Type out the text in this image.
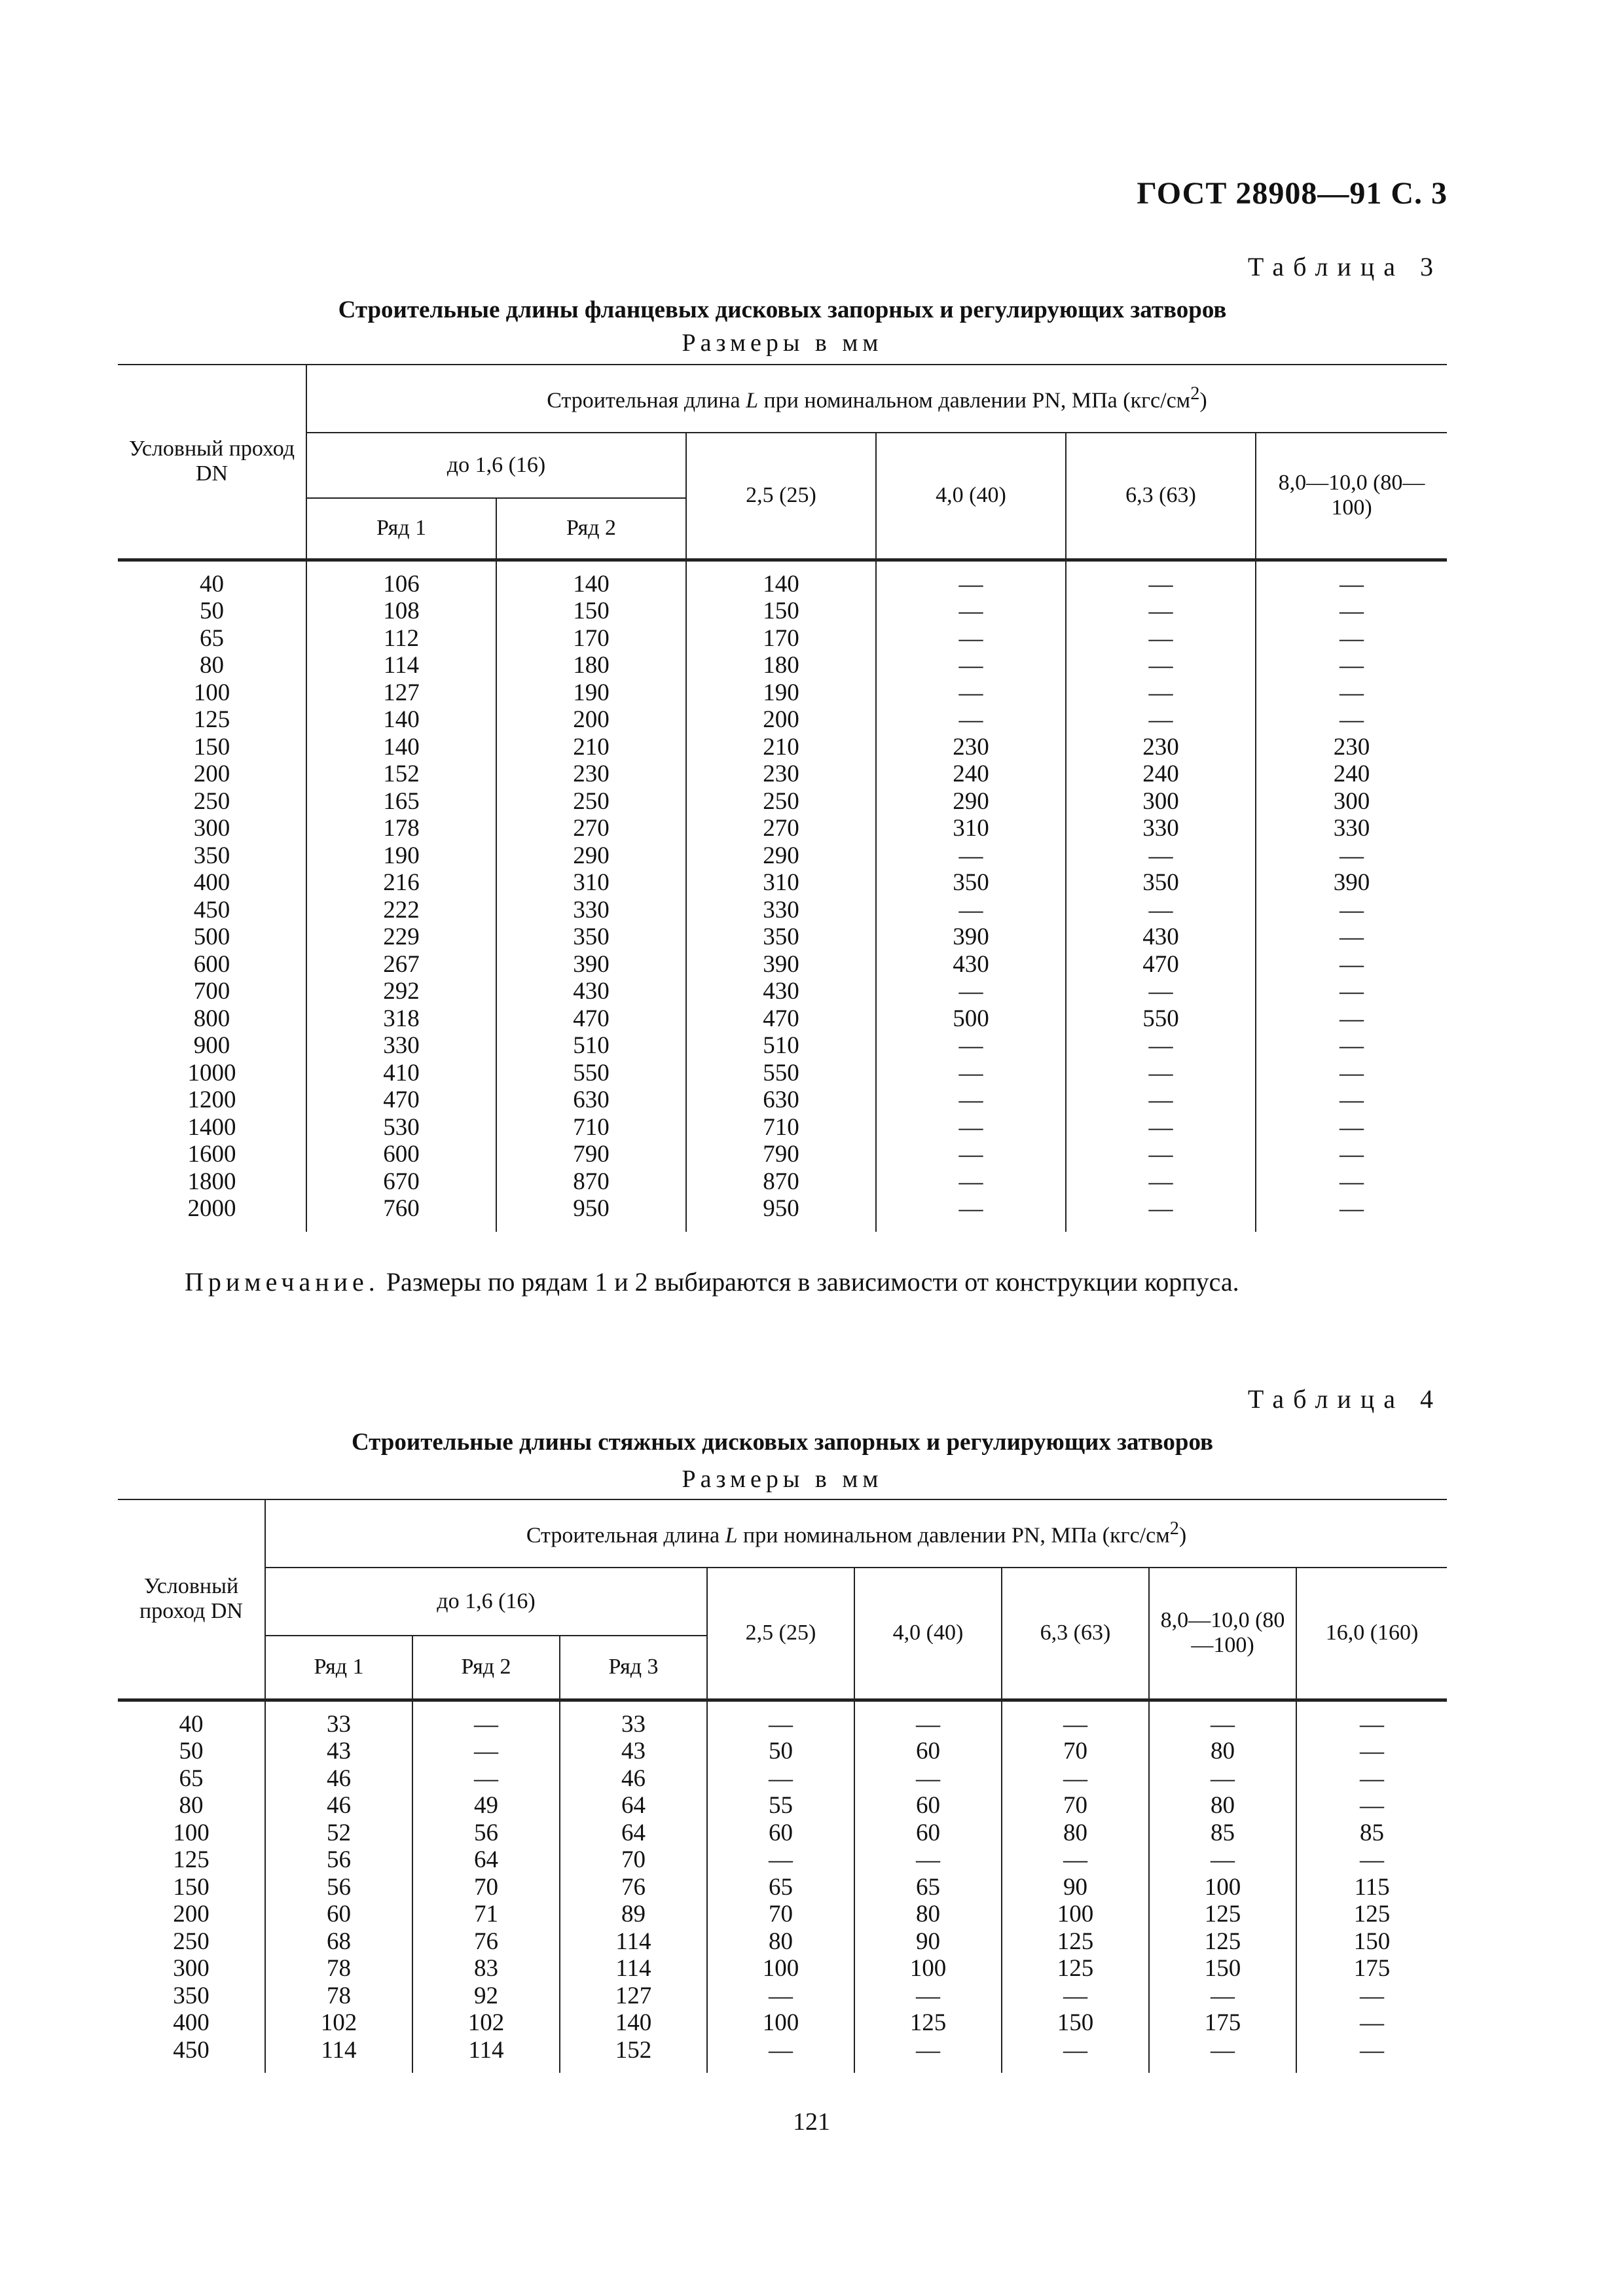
ГОСТ 28908—91 С. 3
Таблица 3
Строительные длины фланцевых дисковых запорных и регулирующих затворов
Размеры в мм
Условный проход DN	Строительная длина L при номинальном давлении PN, МПа $(кгс/см^2)$					
	до 1,6 (16)		2,5 (25)	4,0 (40)	6,3 (63)	8,0—10,0 (80—100)
	Ряд 1	Ряд 2				
40	106	140	140	—	—	—
50	108	150	150	—	—	—
65	112	170	170	—	—	—
80	114	180	180	—	—	—
100	127	190	190	—	—	—
125	140	200	200	—	—	—
150	140	210	210	230	230	230
200	152	230	230	240	240	240
250	165	250	250	290	300	300
300	178	270	270	310	330	330
350	190	290	290	—	—	—
400	216	310	310	350	350	390
450	222	330	330	—	—	—
500	229	350	350	390	430	—
600	267	390	390	430	470	—
700	292	430	430	—	—	—
800	318	470	470	500	550	—
900	330	510	510	—	—	—
1000	410	550	550	—	—	—
1200	470	630	630	—	—	—
1400	530	710	710	—	—	—
1600	600	790	790	—	—	—
1800	670	870	870	—	—	—
2000	760	950	950	—	—	—
Примечание. Размеры по рядам 1 и 2 выбираются в зависимости от конструкции корпуса.
Таблица 4
Строительные длины стяжных дисковых запорных и регулирующих затворов
Размеры в мм
Условный проход DN	Строительная длина L при номинальном давлении PN, МПа $(кгс/см^2)$							
	до 1,6 (16)			2,5 (25)	4,0 (40)	6,3 (63)	8,0—10,0 (80—100)	16,0 (160)
	Ряд 1	Ряд 2	Ряд 3					
40	33	—	33	—	—	—	—	—
50	43	—	43	50	60	70	80	—
65	46	—	46	—	—	—	—	—
80	46	49	64	55	60	70	80	—
100	52	56	64	60	60	80	85	85
125	56	64	70	—	—	—	—	—
150	56	70	76	65	65	90	100	115
200	60	71	89	70	80	100	125	125
250	68	76	114	80	90	125	125	150
300	78	83	114	100	100	125	150	175
350	78	92	127	—	—	—	—	—
400	102	102	140	100	125	150	175	—
450	114	114	152	—	—	—	—	—
121
